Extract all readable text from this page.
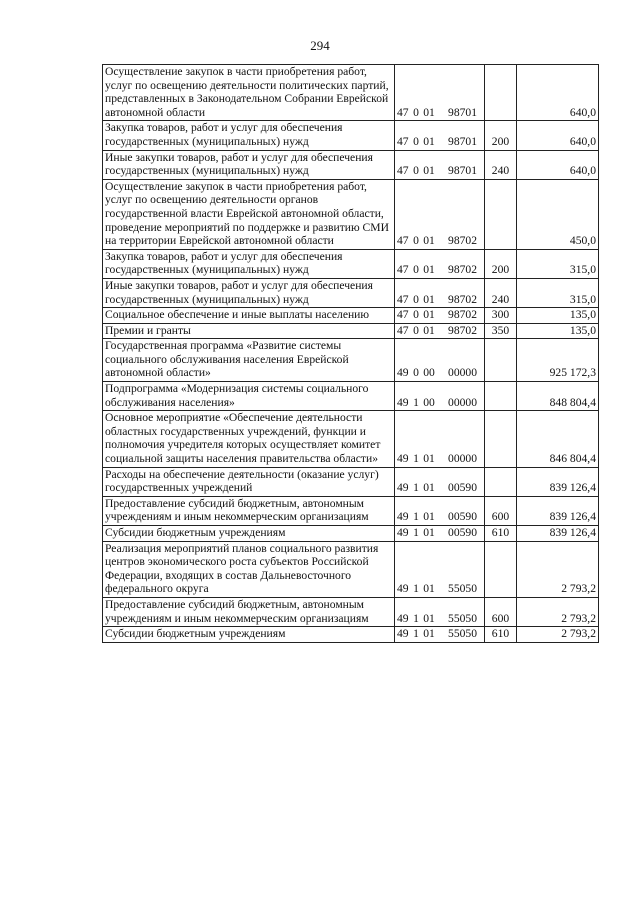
294
Осуществление закупок в части приобретения работ, услуг по освещению деятельности политических партий, представленных в Законодательном Собрании Еврейской автономной области	47 0 01 98701		640,0
Закупка товаров, работ и услуг для обеспечения государственных (муниципальных) нужд	47 0 01 98701	200	640,0
Иные закупки товаров, работ и услуг для обеспечения государственных (муниципальных) нужд	47 0 01 98701	240	640,0
Осуществление закупок в части приобретения работ, услуг по освещению деятельности органов государственной власти Еврейской автономной области, проведение мероприятий по поддержке и развитию СМИ на территории Еврейской автономной области	47 0 01 98702		450,0
Закупка товаров, работ и услуг для обеспечения государственных (муниципальных) нужд	47 0 01 98702	200	315,0
Иные закупки товаров, работ и услуг для обеспечения государственных (муниципальных) нужд	47 0 01 98702	240	315,0
Социальное обеспечение и иные выплаты населению	47 0 01 98702	300	135,0
Премии и гранты	47 0 01 98702	350	135,0
Государственная программа «Развитие системы социального обслуживания населения Еврейской автономной области»	49 0 00 00000		925 172,3
Подпрограмма «Модернизация системы социального обслуживания населения»	49 1 00 00000		848 804,4
Основное мероприятие «Обеспечение деятельности областных государственных учреждений, функции и полномочия учредителя которых осуществляет комитет социальной защиты населения правительства области»	49 1 01 00000		846 804,4
Расходы на обеспечение деятельности (оказание услуг) государственных учреждений	49 1 01 00590		839 126,4
Предоставление субсидий бюджетным, автономным учреждениям и иным некоммерческим организациям	49 1 01 00590	600	839 126,4
Субсидии бюджетным учреждениям	49 1 01 00590	610	839 126,4
Реализация мероприятий планов социального развития центров экономического роста субъектов Российской Федерации, входящих в состав Дальневосточного федерального округа	49 1 01 55050		2 793,2
Предоставление субсидий бюджетным, автономным учреждениям и иным некоммерческим организациям	49 1 01 55050	600	2 793,2
Субсидии бюджетным учреждениям	49 1 01 55050	610	2 793,2
